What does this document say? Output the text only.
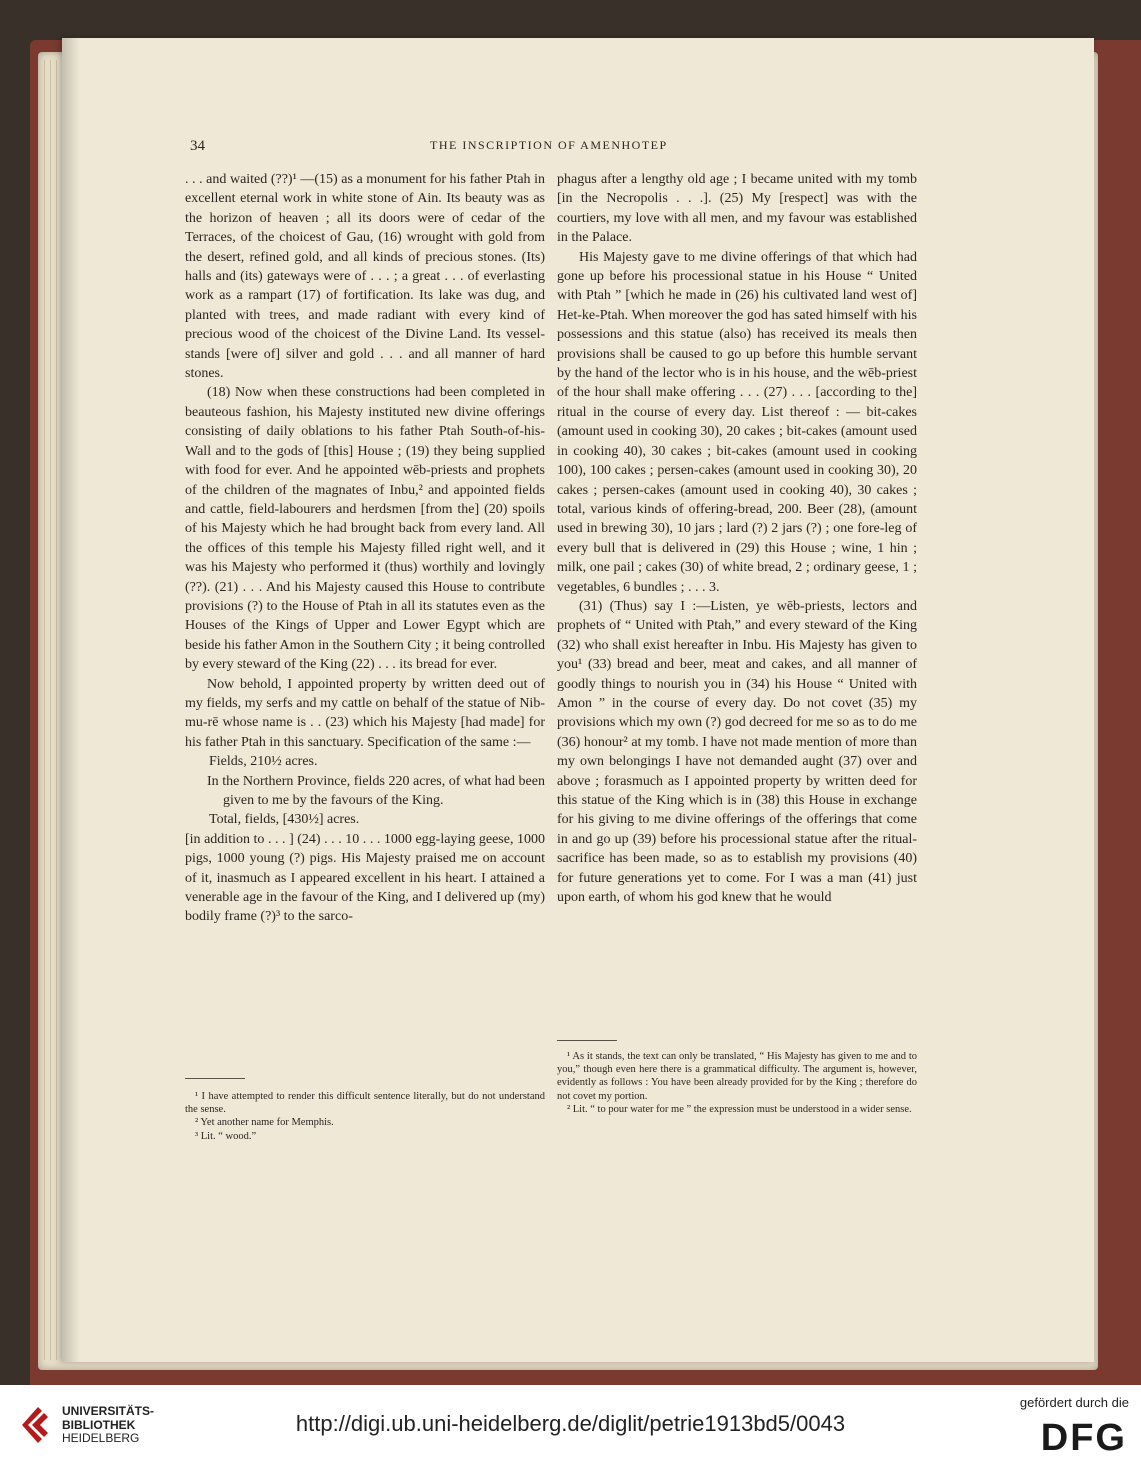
34	THE INSCRIPTION OF AMENHOTEP

. . . and waited (??)¹ —(15) as a monument for his father Ptah in excellent eternal work in white stone of Ain. Its beauty was as the horizon of heaven ; all its doors were of cedar of the Terraces, of the choicest of Gau, (16) wrought with gold from the desert, refined gold, and all kinds of precious stones. (Its) halls and (its) gateways were of . . . ; a great . . . of everlasting work as a rampart (17) of fortification. Its lake was dug, and planted with trees, and made radiant with every kind of precious wood of the choicest of the Divine Land. Its vessel-stands [were of] silver and gold . . . and all manner of hard stones.

(18) Now when these constructions had been completed in beauteous fashion, his Majesty instituted new divine offerings consisting of daily oblations to his father Ptah South-of-his-Wall and to the gods of [this] House ; (19) they being supplied with food for ever. And he appointed wēb-priests and prophets of the children of the magnates of Inbu,² and appointed fields and cattle, field-labourers and herdsmen [from the] (20) spoils of his Majesty which he had brought back from every land. All the offices of this temple his Majesty filled right well, and it was his Majesty who performed it (thus) worthily and lovingly (??). (21) . . . And his Majesty caused this House to contribute provisions (?) to the House of Ptah in all its statutes even as the Houses of the Kings of Upper and Lower Egypt which are beside his father Amon in the Southern City ; it being controlled by every steward of the King (22) . . . its bread for ever.

Now behold, I appointed property by written deed out of my fields, my serfs and my cattle on behalf of the statue of Nib-mu-rē whose name is . . (23) which his Majesty [had made] for his father Ptah in this sanctuary. Specification of the same :—

Fields, 210½ acres.

In the Northern Province, fields 220 acres, of what had been given to me by the favours of the King.

Total, fields, [430½] acres.

[in addition to . . . ] (24) . . . 10 . . . 1000 egg-laying geese, 1000 pigs, 1000 young (?) pigs. His Majesty praised me on account of it, inasmuch as I appeared excellent in his heart. I attained a venerable age in the favour of the King, and I delivered up (my) bodily frame (?)³ to the sarco-

¹ I have attempted to render this difficult sentence literally, but do not understand the sense.

² Yet another name for Memphis.

³ Lit. “ wood.”

phagus after a lengthy old age ; I became united with my tomb [in the Necropolis . . .]. (25) My [respect] was with the courtiers, my love with all men, and my favour was established in the Palace.

His Majesty gave to me divine offerings of that which had gone up before his processional statue in his House “ United with Ptah ” [which he made in (26) his cultivated land west of] Het-ke-Ptah. When moreover the god has sated himself with his possessions and this statue (also) has received its meals then provisions shall be caused to go up before this humble servant by the hand of the lector who is in his house, and the wēb-priest of the hour shall make offering . . . (27) . . . [according to the] ritual in the course of every day. List thereof : — bit-cakes (amount used in cooking 30), 20 cakes ; bit-cakes (amount used in cooking 40), 30 cakes ; bit-cakes (amount used in cooking 100), 100 cakes ; persen-cakes (amount used in cooking 30), 20 cakes ; persen-cakes (amount used in cooking 40), 30 cakes ; total, various kinds of offering-bread, 200. Beer (28), (amount used in brewing 30), 10 jars ; lard (?) 2 jars (?) ; one fore-leg of every bull that is delivered in (29) this House ; wine, 1 hin ; milk, one pail ; cakes (30) of white bread, 2 ; ordinary geese, 1 ; vegetables, 6 bundles ; . . . 3.

(31) (Thus) say I :—Listen, ye wēb-priests, lectors and prophets of “ United with Ptah,” and every steward of the King (32) who shall exist hereafter in Inbu. His Majesty has given to you¹ (33) bread and beer, meat and cakes, and all manner of goodly things to nourish you in (34) his House “ United with Amon ” in the course of every day. Do not covet (35) my provisions which my own (?) god decreed for me so as to do me (36) honour² at my tomb. I have not made mention of more than my own belongings I have not demanded aught (37) over and above ; forasmuch as I appointed property by written deed for this statue of the King which is in (38) this House in exchange for his giving to me divine offerings of the offerings that come in and go up (39) before his processional statue after the ritual-sacrifice has been made, so as to establish my provisions (40) for future generations yet to come. For I was a man (41) just upon earth, of whom his god knew that he would

¹ As it stands, the text can only be translated, “ His Majesty has given to me and to you,” though even here there is a grammatical difficulty. The argument is, however, evidently as follows : You have been already provided for by the King ; therefore do not covet my portion.

² Lit. “ to pour water for me ” the expression must be understood in a wider sense.

UNIVERSITÄTS-
BIBLIOTHEK
HEIDELBERG
http://digi.ub.uni-heidelberg.de/diglit/petrie1913bd5/0043
gefördert durch die
DFG
